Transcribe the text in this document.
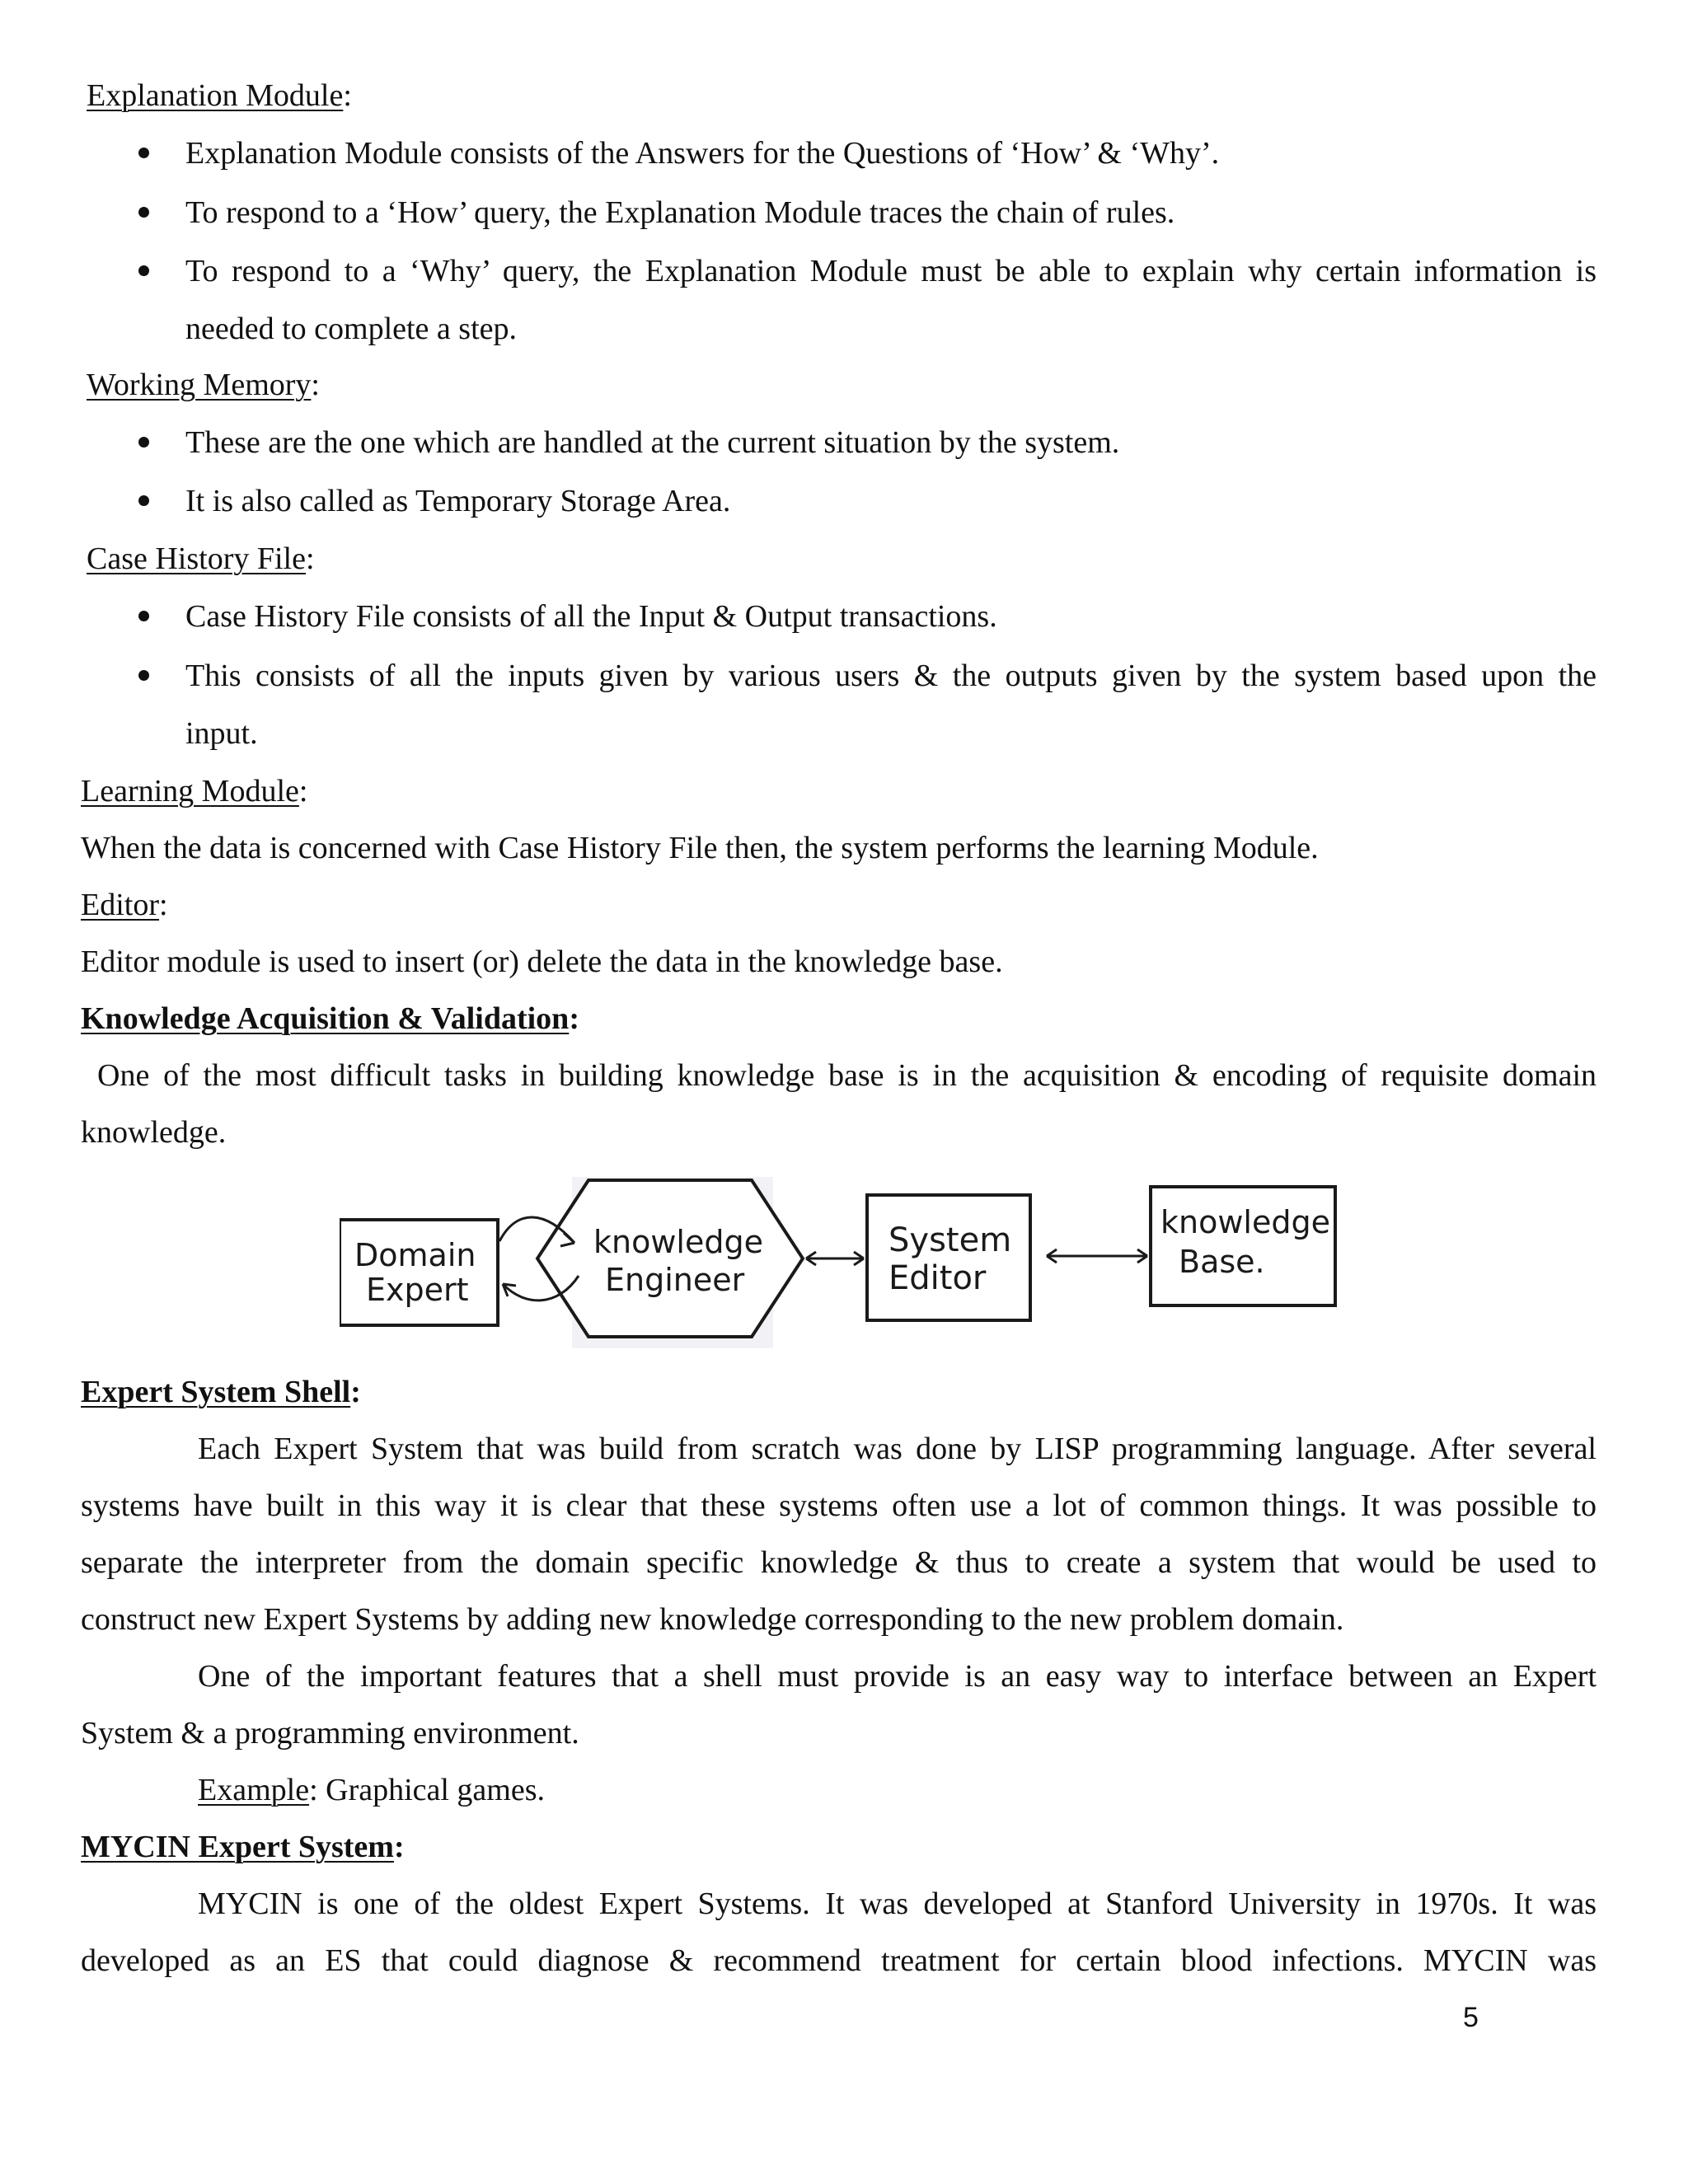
Explanation Module:
Explanation Module consists of the Answers for the Questions of ‘How’ & ‘Why’.
To respond to a ‘How’ query, the Explanation Module traces the chain of rules.
To respond to a ‘Why’ query, the Explanation Module must be able to explain why certain information is
needed to complete a step.
Working Memory:
These are the one which are handled at the current situation by the system.
It is also called as Temporary Storage Area.
Case History File:
Case History File consists of all the Input & Output transactions.
This consists of all the inputs given by various users & the outputs given by the system based upon the
input.
Learning Module:
When the data is concerned with Case History File then, the system performs the learning Module.
Editor:
Editor module is used to insert (or) delete the data in the knowledge base.
Knowledge Acquisition & Validation:
One of the most difficult tasks in building knowledge base is in the acquisition & encoding of requisite domain
knowledge.
Domain
Expert
knowledge
Engineer
System
Editor
knowledge
Base.
Expert System Shell:
Each Expert System that was build from scratch was done by LISP programming language. After several
systems have built in this way it is clear that these systems often use a lot of common things. It was possible to
separate the interpreter from the domain specific knowledge & thus to create a system that would be used to
construct new Expert Systems by adding new knowledge corresponding to the new problem domain.
One of the important features that a shell must provide is an easy way to interface between an Expert
System & a programming environment.
Example: Graphical games.
MYCIN Expert System:
MYCIN is one of the oldest Expert Systems. It was developed at Stanford University in 1970s. It was
developed as an ES that could diagnose & recommend treatment for certain blood infections. MYCIN was
5
